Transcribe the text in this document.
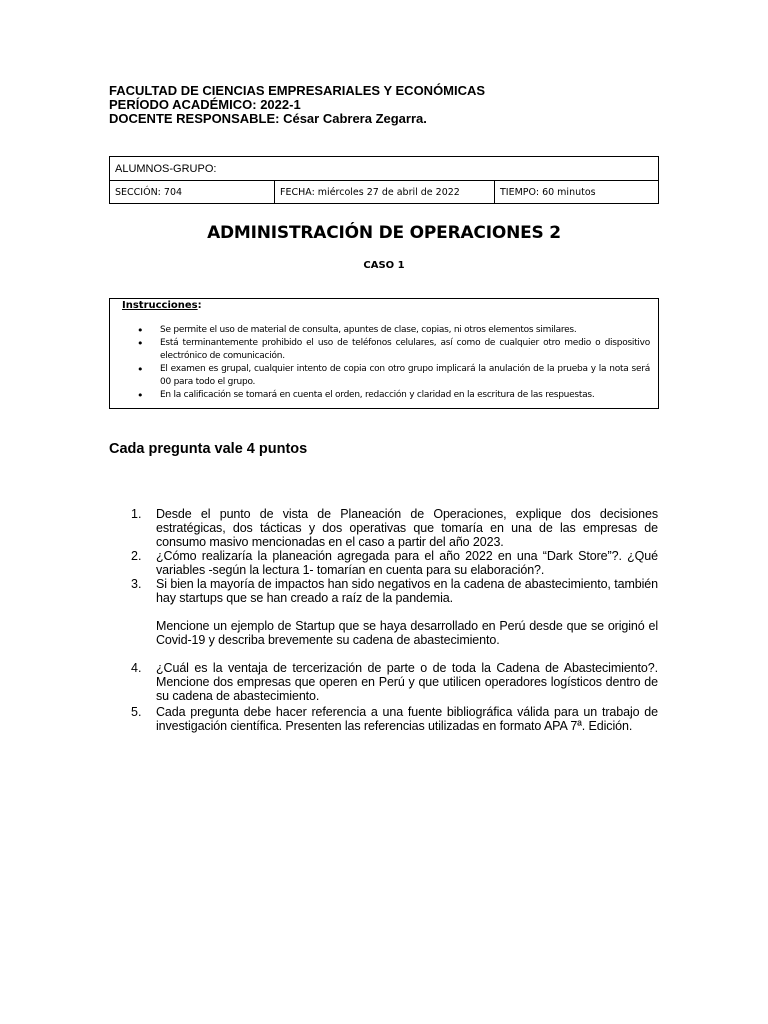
FACULTAD DE CIENCIAS EMPRESARIALES Y ECONÓMICAS
PERÍODO ACADÉMICO: 2022-1
DOCENTE RESPONSABLE: César Cabrera Zegarra.
ALUMNOS-GRUPO:
SECCIÓN: 704	FECHA: miércoles 27 de abril de 2022	TIEMPO: 60 minutos
ADMINISTRACIÓN DE OPERACIONES 2
CASO 1
Instrucciones:
• Se permite el uso de material de consulta, apuntes de clase, copias, ni otros elementos similares.
• Está terminantemente prohibido el uso de teléfonos celulares, así como de cualquier otro medio o dispositivo electrónico de comunicación.
• El examen es grupal, cualquier intento de copia con otro grupo implicará la anulación de la prueba y la nota será 00 para todo el grupo.
• En la calificación se tomará en cuenta el orden, redacción y claridad en la escritura de las respuestas.
Cada pregunta vale 4 puntos
1. Desde el punto de vista de Planeación de Operaciones, explique dos decisiones estratégicas, dos tácticas y dos operativas que tomaría en una de las empresas de consumo masivo mencionadas en el caso a partir del año 2023.

2. ¿Cómo realizaría la planeación agregada para el año 2022 en una “Dark Store”?. ¿Qué variables -según la lectura 1- tomarían en cuenta para su elaboración?.

3. Si bien la mayoría de impactos han sido negativos en la cadena de abastecimiento, también hay startups que se han creado a raíz de la pandemia.

Mencione un ejemplo de Startup que se haya desarrollado en Perú desde que se originó el Covid-19 y describa brevemente su cadena de abastecimiento.

4. ¿Cuál es la ventaja de tercerización de parte o de toda la Cadena de Abastecimiento?. Mencione dos empresas que operen en Perú y que utilicen operadores logísticos dentro de su cadena de abastecimiento.

5. Cada pregunta debe hacer referencia a una fuente bibliográfica válida para un trabajo de investigación científica. Presenten las referencias utilizadas en formato APA 7ª. Edición.
